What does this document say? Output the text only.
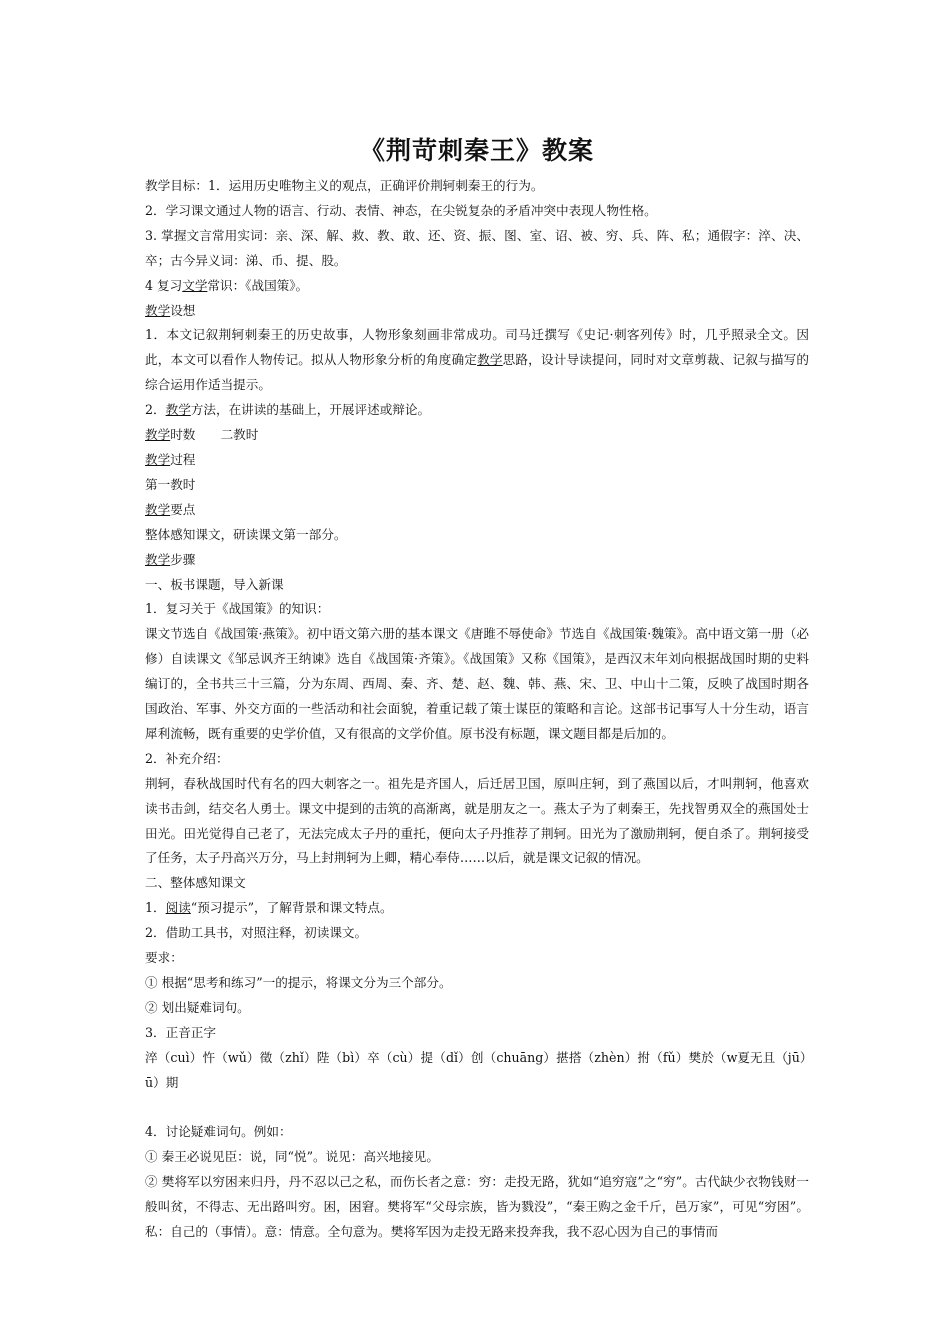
《荆苛刺秦王》教案

教学目标：1．运用历史唯物主义的观点，正确评价荆轲刺秦王的行为。

2．学习课文通过人物的语言、行动、表情、神态，在尖锐复杂的矛盾冲突中表现人物性格。

3. 掌握文言常用实词：亲、深、解、救、教、敢、还、资、振、图、室、诏、被、穷、兵、阵、私；通假字：淬、决、卒；古今异义词：涕、币、提、股。

4 复习文学常识：《战国策》。

教学设想

1．本文记叙荆轲刺秦王的历史故事，人物形象刻画非常成功。司马迁撰写《史记·刺客列传》时，几乎照录全文。因此，本文可以看作人物传记。拟从人物形象分析的角度确定教学思路，设计导读提问，同时对文章剪裁、记叙与描写的综合运用作适当提示。

2．教学方法，在讲读的基础上，开展评述或辩论。

教学时数　　二教时

教学过程

第一教时

教学要点

整体感知课文，研读课文第一部分。

教学步骤

一、板书课题，导入新课

1．复习关于《战国策》的知识：

课文节选自《战国策·燕策》。初中语文第六册的基本课文《唐雎不辱使命》节选自《战国策·魏策》。高中语文第一册（必修）自读课文《邹忌讽齐王纳谏》选自《战国策·齐策》。《战国策》又称《国策》，是西汉末年刘向根据战国时期的史料编订的，全书共三十三篇，分为东周、西周、秦、齐、楚、赵、魏、韩、燕、宋、卫、中山十二策，反映了战国时期各国政治、军事、外交方面的一些活动和社会面貌，着重记载了策士谋臣的策略和言论。这部书记事写人十分生动，语言犀利流畅，既有重要的史学价值，又有很高的文学价值。原书没有标题，课文题目都是后加的。

2．补充介绍：

荆轲，春秋战国时代有名的四大刺客之一。祖先是齐国人，后迁居卫国，原叫庄轲，到了燕国以后，才叫荆轲，他喜欢读书击剑，结交名人勇士。课文中提到的击筑的高渐离，就是朋友之一。燕太子为了刺秦王，先找智勇双全的燕国处士田光。田光觉得自己老了，无法完成太子丹的重托，便向太子丹推荐了荆轲。田光为了激励荆轲，便自杀了。荆轲接受了任务，太子丹高兴万分，马上封荆轲为上卿，精心奉侍……以后，就是课文记叙的情况。

二、整体感知课文

1．阅读“预习提示”，了解背景和课文特点。

2．借助工具书，对照注释，初读课文。

要求：

① 根据“思考和练习”一的提示，将课文分为三个部分。

② 划出疑难词句。

3．正音正字

淬（cuì）忤（wǔ）徵（zhǐ）陛（bì）卒（cù）提（dǐ）创（chuāng）揕搭（zhèn）拊（fǔ）樊於（wū）期
夏无且（jū）

4．讨论疑难词句。例如：

① 秦王必说见臣：说，同“悦”。说见：高兴地接见。

② 樊将军以穷困来归丹，丹不忍以己之私，而伤长者之意：穷：走投无路，犹如“追穷寇”之“穷”。古代缺少衣物钱财一般叫贫，不得志、无出路叫穷。困，困窘。樊将军“父母宗族，皆为戮没”，“秦王购之金千斤，邑万家”，可见“穷困”。私：自己的（事情）。意：情意。全句意为。樊将军因为走投无路来投奔我，我不忍心因为自己的事情而
